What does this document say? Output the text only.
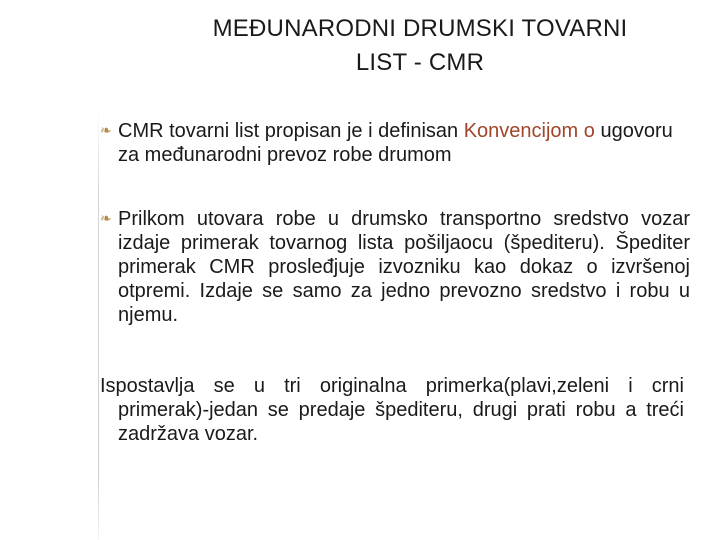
MEĐUNARODNI DRUMSKI TOVARNI
LIST - CMR

❧ CMR tovarni list propisan je i definisan Konvencijom o ugovoru za međunarodni prevoz robe drumom

❧ Prilkom utovara robe u drumsko transportno sredstvo vozar izdaje primerak tovarnog lista pošiljaocu (špediteru). Špediter primerak CMR prosleđjuje izvozniku kao dokaz o izvršenoj otpremi. Izdaje se samo za jedno prevozno sredstvo i robu u njemu.

Ispostavlja se u tri originalna primerka(plavi,zeleni i crni primerak)-jedan se predaje špediteru, drugi prati robu a treći zadržava vozar.
